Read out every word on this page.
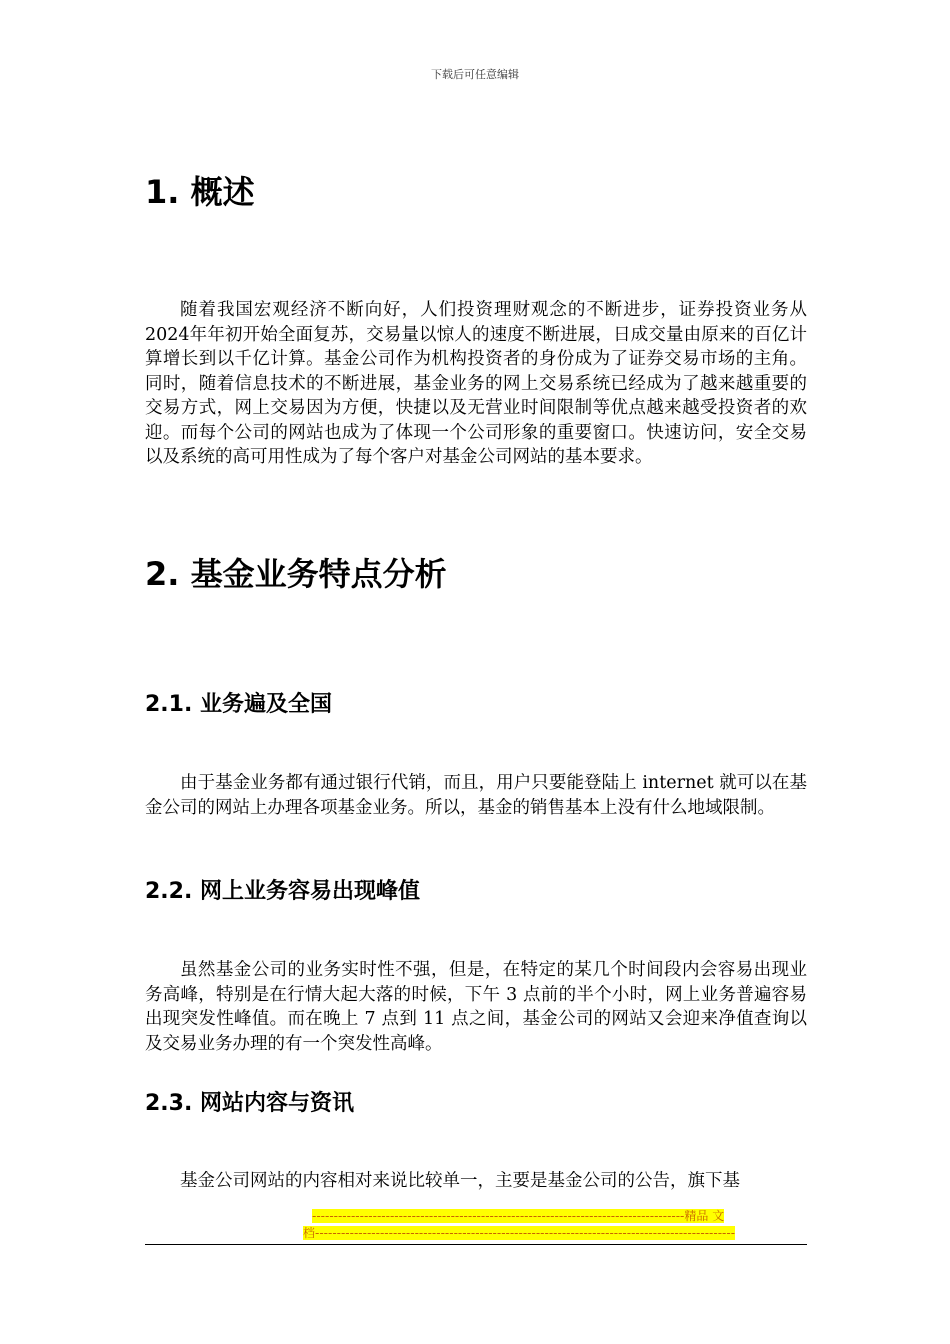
下载后可任意编辑
1. 概述

随着我国宏观经济不断向好，人们投资理财观念的不断进步，证券投资业务从2024年年初开始全面复苏，交易量以惊人的速度不断进展，日成交量由原来的百亿计算增长到以千亿计算。基金公司作为机构投资者的身份成为了证券交易市场的主角。同时，随着信息技术的不断进展，基金业务的网上交易系统已经成为了越来越重要的交易方式，网上交易因为方便，快捷以及无营业时间限制等优点越来越受投资者的欢迎。而每个公司的网站也成为了体现一个公司形象的重要窗口。快速访问，安全交易以及系统的高可用性成为了每个客户对基金公司网站的基本要求。

2. 基金业务特点分析
2.1. 业务遍及全国

由于基金业务都有通过银行代销，而且，用户只要能登陆上 internet 就可以在基金公司的网站上办理各项基金业务。所以，基金的销售基本上没有什么地域限制。

2.2. 网上业务容易出现峰值

虽然基金公司的业务实时性不强，但是，在特定的某几个时间段内会容易出现业务高峰，特别是在行情大起大落的时候，下午 3 点前的半个小时，网上业务普遍容易出现突发性峰值。而在晚上 7 点到 11 点之间，基金公司的网站又会迎来净值查询以及交易业务办理的有一个突发性高峰。

2.3. 网站内容与资讯

基金公司网站的内容相对来说比较单一，主要是基金公司的公告，旗下基

--------------------------------------------------------------------------------------精品 文
档-------------------------------------------------------------------------------------------------
